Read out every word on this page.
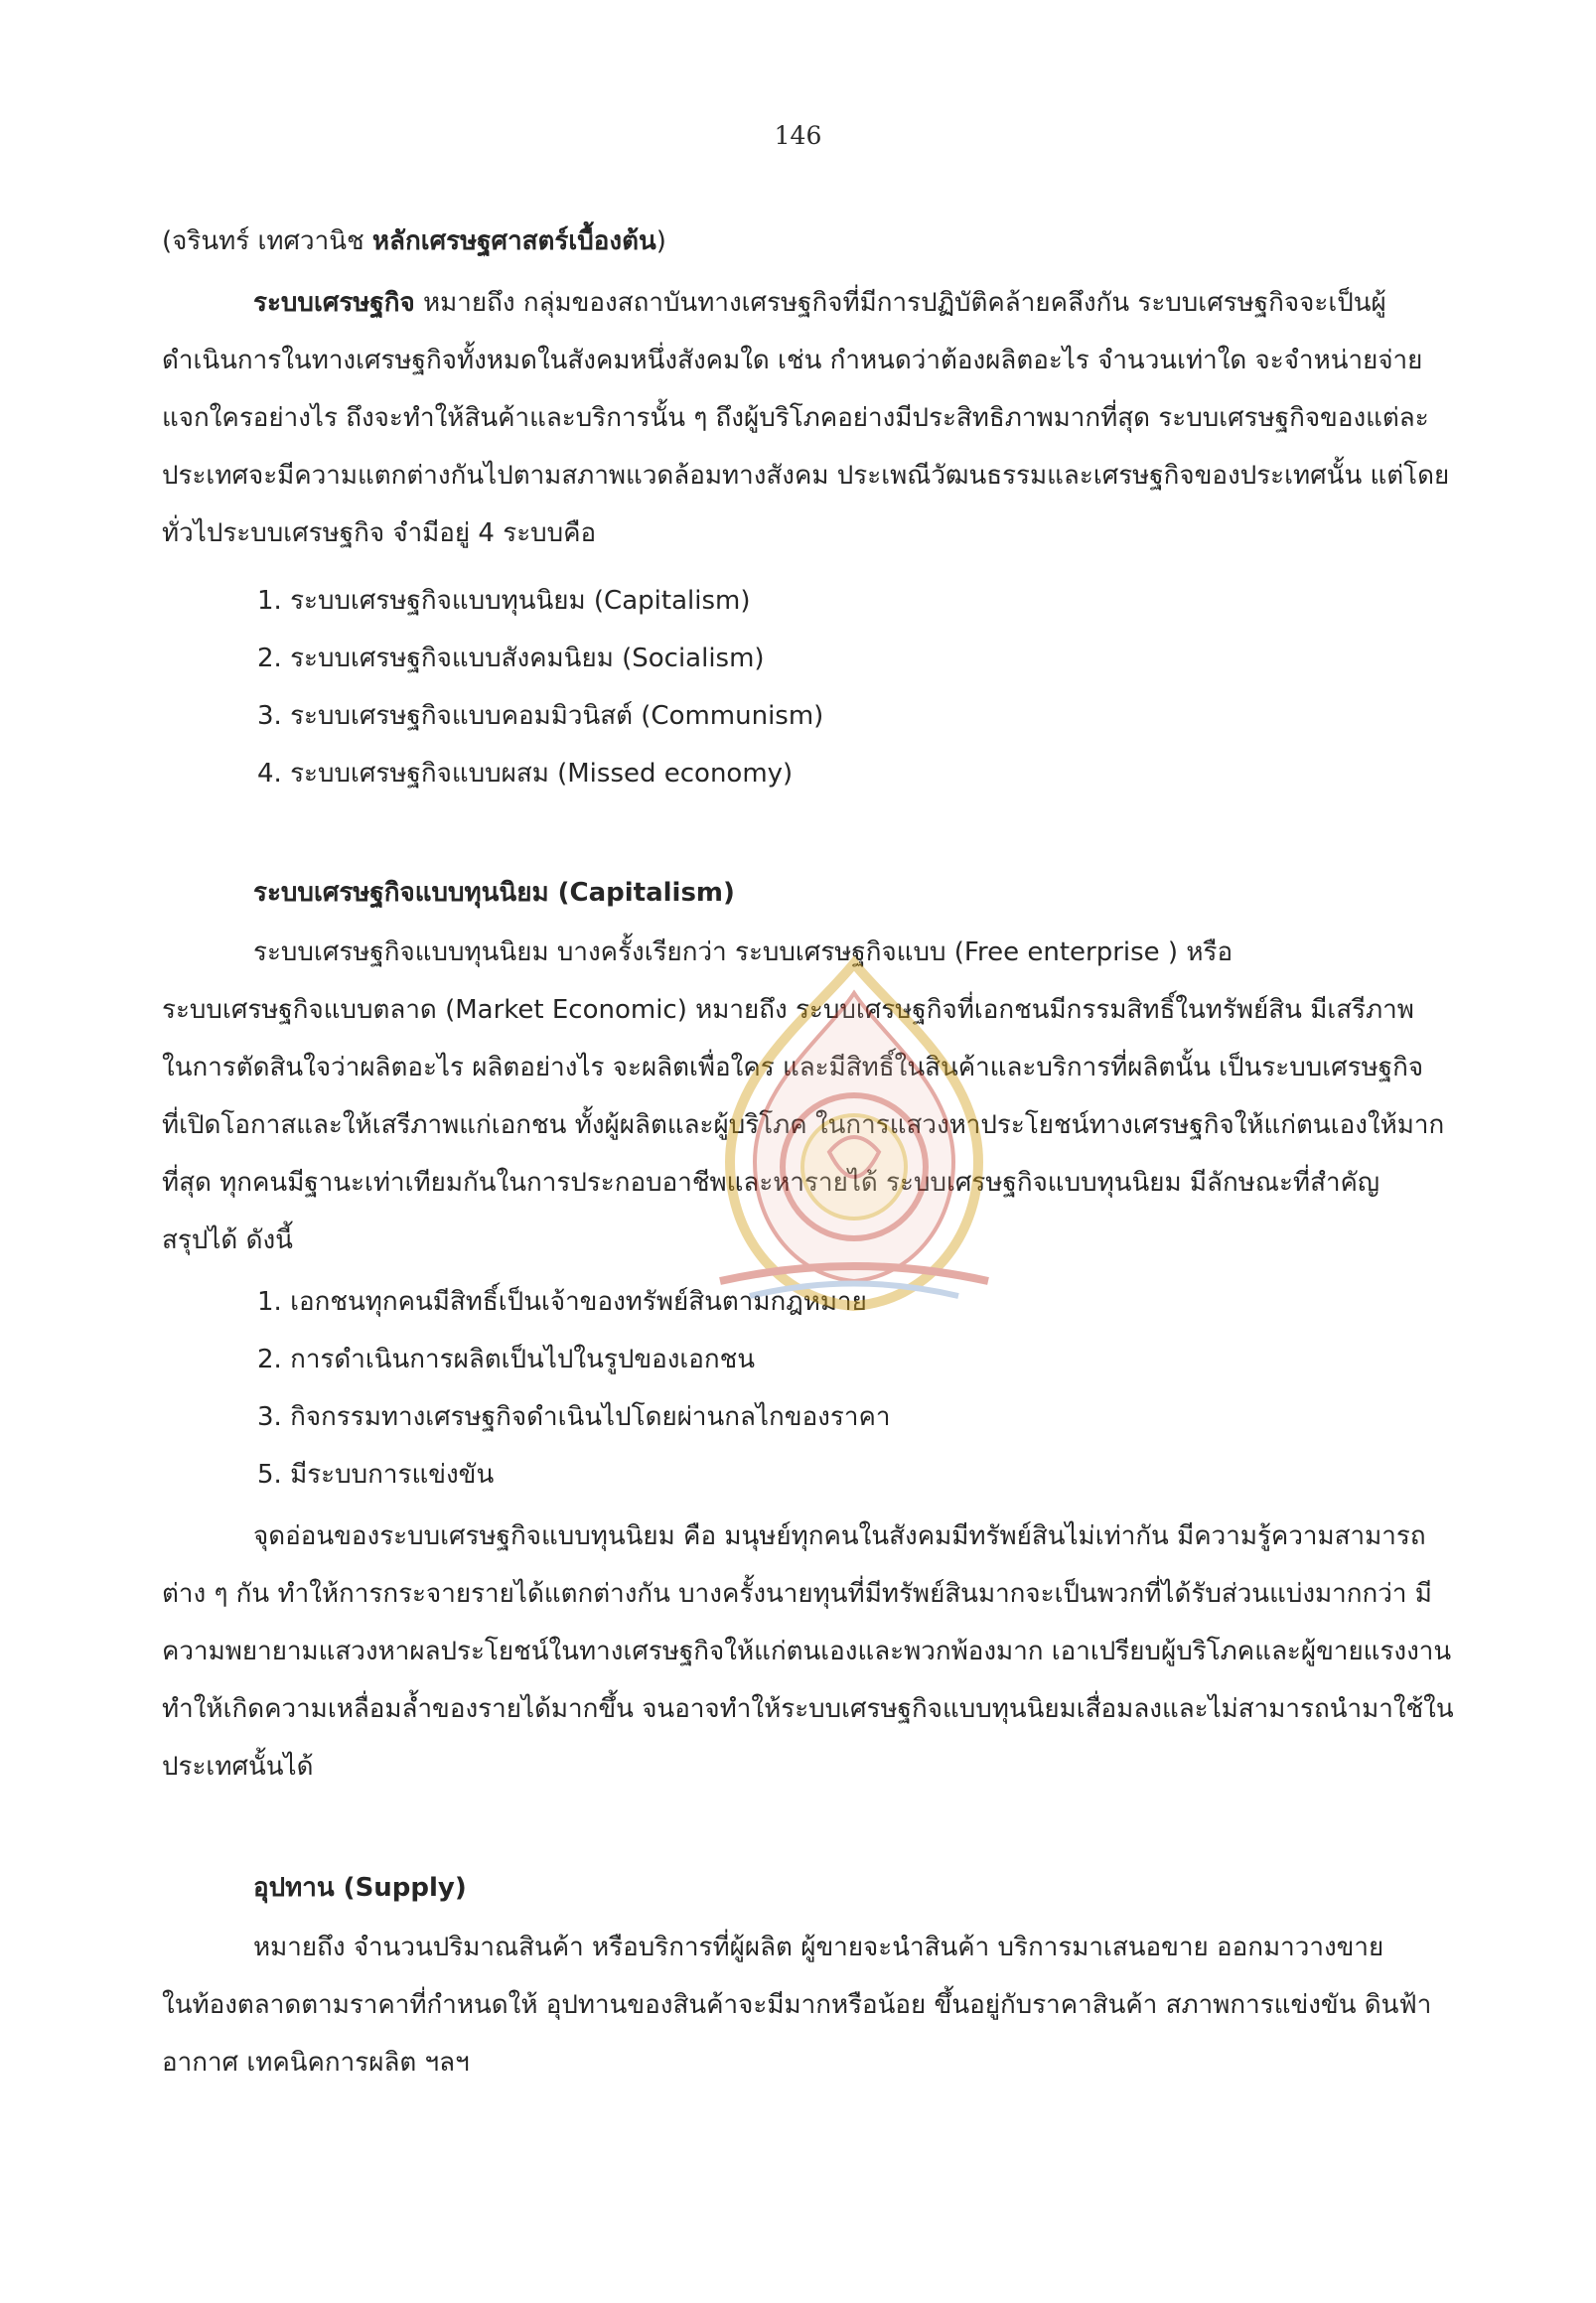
146
(จรินทร์ เทศวานิช หลักเศรษฐศาสตร์เบื้องต้น)
ระบบเศรษฐกิจ หมายถึง กลุ่มของสถาบันทางเศรษฐกิจที่มีการปฏิบัติคล้ายคลึงกัน ระบบเศรษฐกิจจะเป็นผู้
ดำเนินการในทางเศรษฐกิจทั้งหมดในสังคมหนึ่งสังคมใด เช่น กำหนดว่าต้องผลิตอะไร จำนวนเท่าใด จะจำหน่ายจ่าย
แจกใครอย่างไร ถึงจะทำให้สินค้าและบริการนั้น ๆ ถึงผู้บริโภคอย่างมีประสิทธิภาพมากที่สุด ระบบเศรษฐกิจของแต่ละ
ประเทศจะมีความแตกต่างกันไปตามสภาพแวดล้อมทางสังคม ประเพณีวัฒนธรรมและเศรษฐกิจของประเทศนั้น แต่โดย
ทั่วไประบบเศรษฐกิจ จำมีอยู่ 4 ระบบคือ
1. ระบบเศรษฐกิจแบบทุนนิยม (Capitalism)
2. ระบบเศรษฐกิจแบบสังคมนิยม (Socialism)
3. ระบบเศรษฐกิจแบบคอมมิวนิสต์ (Communism)
4. ระบบเศรษฐกิจแบบผสม (Missed economy)
ระบบเศรษฐกิจแบบทุนนิยม (Capitalism)
ระบบเศรษฐกิจแบบทุนนิยม บางครั้งเรียกว่า ระบบเศรษฐกิจแบบ (Free enterprise ) หรือ
ระบบเศรษฐกิจแบบตลาด (Market Economic) หมายถึง ระบบเศรษฐกิจที่เอกชนมีกรรมสิทธิ์ในทรัพย์สิน มีเสรีภาพ
ในการตัดสินใจว่าผลิตอะไร ผลิตอย่างไร จะผลิตเพื่อใคร และมีสิทธิ์ในสินค้าและบริการที่ผลิตนั้น เป็นระบบเศรษฐกิจ
ที่เปิดโอกาสและให้เสรีภาพแก่เอกชน ทั้งผู้ผลิตและผู้บริโภค ในการแสวงหาประโยชน์ทางเศรษฐกิจให้แก่ตนเองให้มาก
ที่สุด ทุกคนมีฐานะเท่าเทียมกันในการประกอบอาชีพและหารายได้ ระบบเศรษฐกิจแบบทุนนิยม มีลักษณะที่สำคัญ
สรุปได้ ดังนี้
1. เอกชนทุกคนมีสิทธิ์เป็นเจ้าของทรัพย์สินตามกฎหมาย
2. การดำเนินการผลิตเป็นไปในรูปของเอกชน
3. กิจกรรมทางเศรษฐกิจดำเนินไปโดยผ่านกลไกของราคา
5. มีระบบการแข่งขัน
จุดอ่อนของระบบเศรษฐกิจแบบทุนนิยม คือ มนุษย์ทุกคนในสังคมมีทรัพย์สินไม่เท่ากัน มีความรู้ความสามารถ
ต่าง ๆ กัน ทำให้การกระจายรายได้แตกต่างกัน บางครั้งนายทุนที่มีทรัพย์สินมากจะเป็นพวกที่ได้รับส่วนแบ่งมากกว่า มี
ความพยายามแสวงหาผลประโยชน์ในทางเศรษฐกิจให้แก่ตนเองและพวกพ้องมาก เอาเปรียบผู้บริโภคและผู้ขายแรงงาน
ทำให้เกิดความเหลื่อมล้ำของรายได้มากขึ้น จนอาจทำให้ระบบเศรษฐกิจแบบทุนนิยมเสื่อมลงและไม่สามารถนำมาใช้ใน
ประเทศนั้นได้
อุปทาน (Supply)
หมายถึง จำนวนปริมาณสินค้า หรือบริการที่ผู้ผลิต ผู้ขายจะนำสินค้า บริการมาเสนอขาย ออกมาวางขาย
ในท้องตลาดตามราคาที่กำหนดให้ อุปทานของสินค้าจะมีมากหรือน้อย ขึ้นอยู่กับราคาสินค้า สภาพการแข่งขัน ดินฟ้า
อากาศ เทคนิคการผลิต ฯลฯ
